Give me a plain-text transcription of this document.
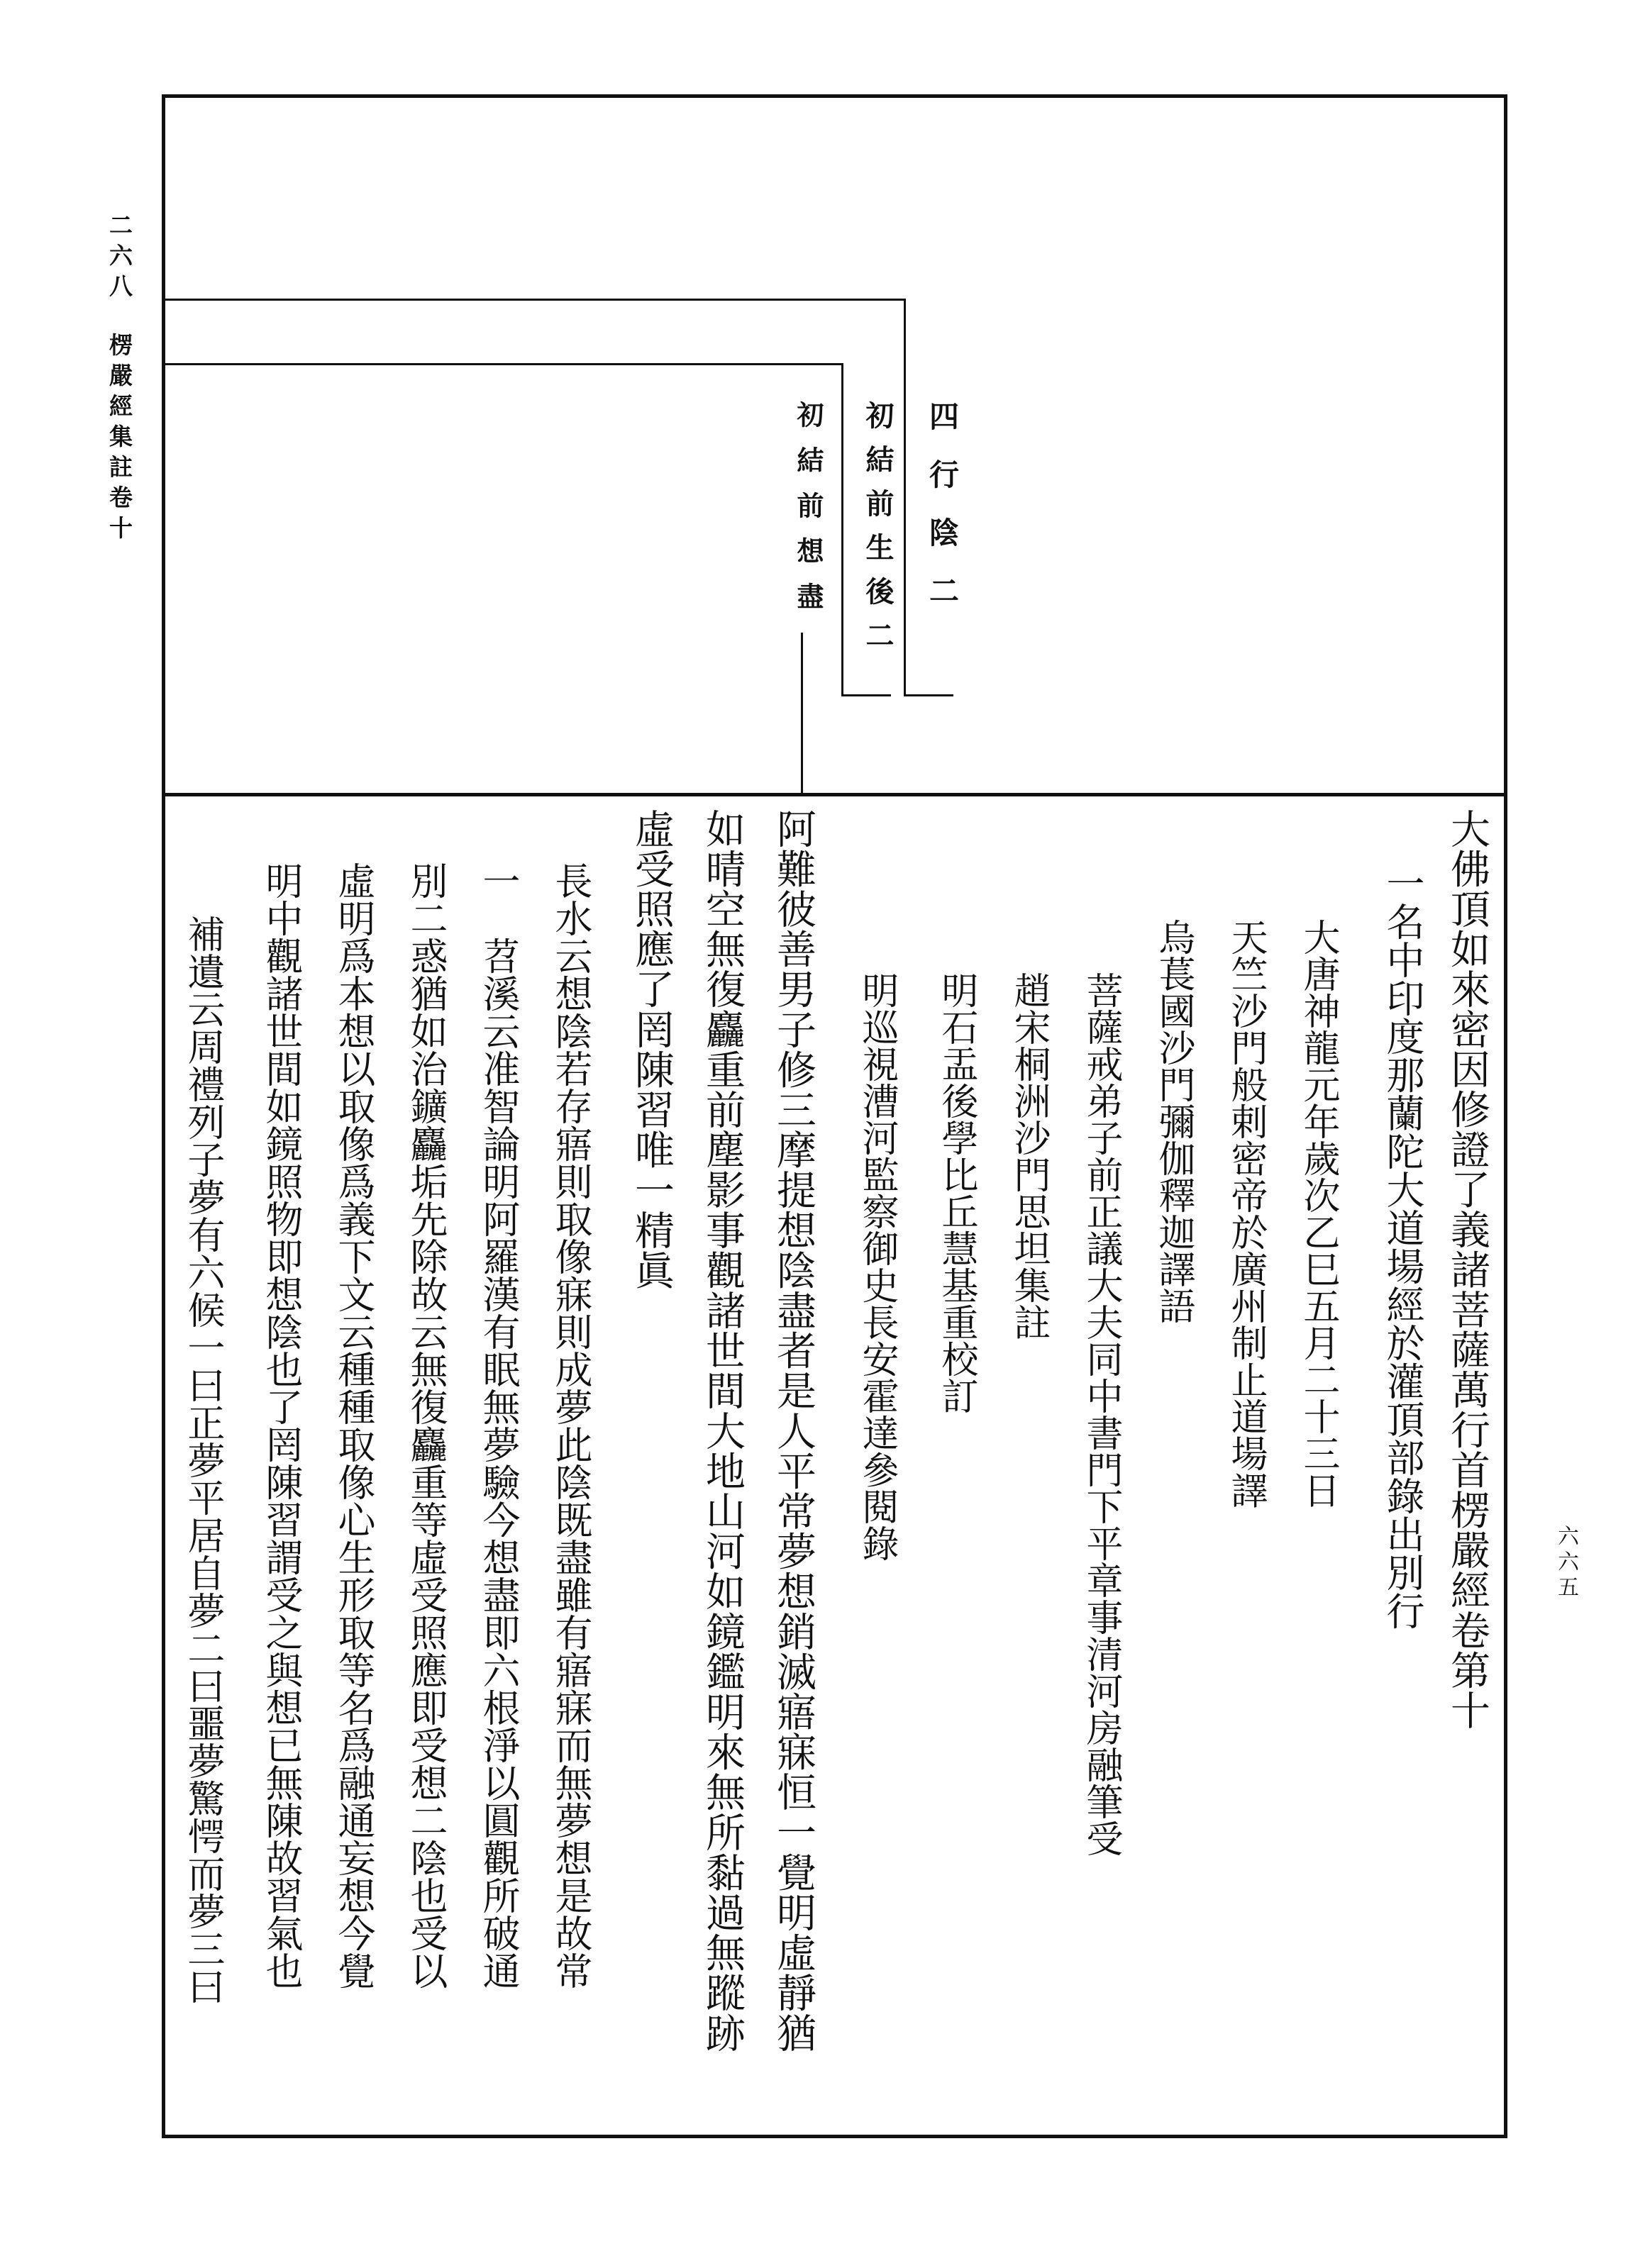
二六八楞嚴經集註卷十
六六五
四行陰二
初結前生後二
初結前想盡
大佛頂如來密因修證了義諸菩薩萬行首楞嚴經卷第十
一名中印度那蘭陀大道場經於灌頂部錄出別行
大唐神龍元年歲次乙巳五月二十三日
天竺沙門般剌密帝於廣州制止道場譯
烏萇國沙門彌伽釋迦譯語
菩薩戒弟子前正議大夫同中書門下平章事清河房融筆受
趙宋桐洲沙門思坦集註
明石盂後學比丘慧基重校訂
明巡視漕河監察御史長安霍達參閱錄
阿難彼善男子修三摩提想陰盡者是人平常夢想銷滅寤寐恒一覺明虛靜猶
如晴空無復麤重前塵影事觀諸世間大地山河如鏡鑑明來無所黏過無蹤跡
虛受照應了罔陳習唯一精眞
長水云想陰若存寤則取像寐則成夢此陰既盡雖有寤寐而無夢想是故常
一　苕溪云准智論明阿羅漢有眠無夢驗今想盡即六根淨以圓觀所破通
別二惑猶如治鑛麤垢先除故云無復麤重等虛受照應即受想二陰也受以
虛明爲本想以取像爲義下文云種種取像心生形取等名爲融通妄想今覺
明中觀諸世間如鏡照物即想陰也了罔陳習謂受之與想已無陳故習氣也
補遺云周禮列子夢有六候一曰正夢平居自夢二曰噩夢驚愕而夢三曰
